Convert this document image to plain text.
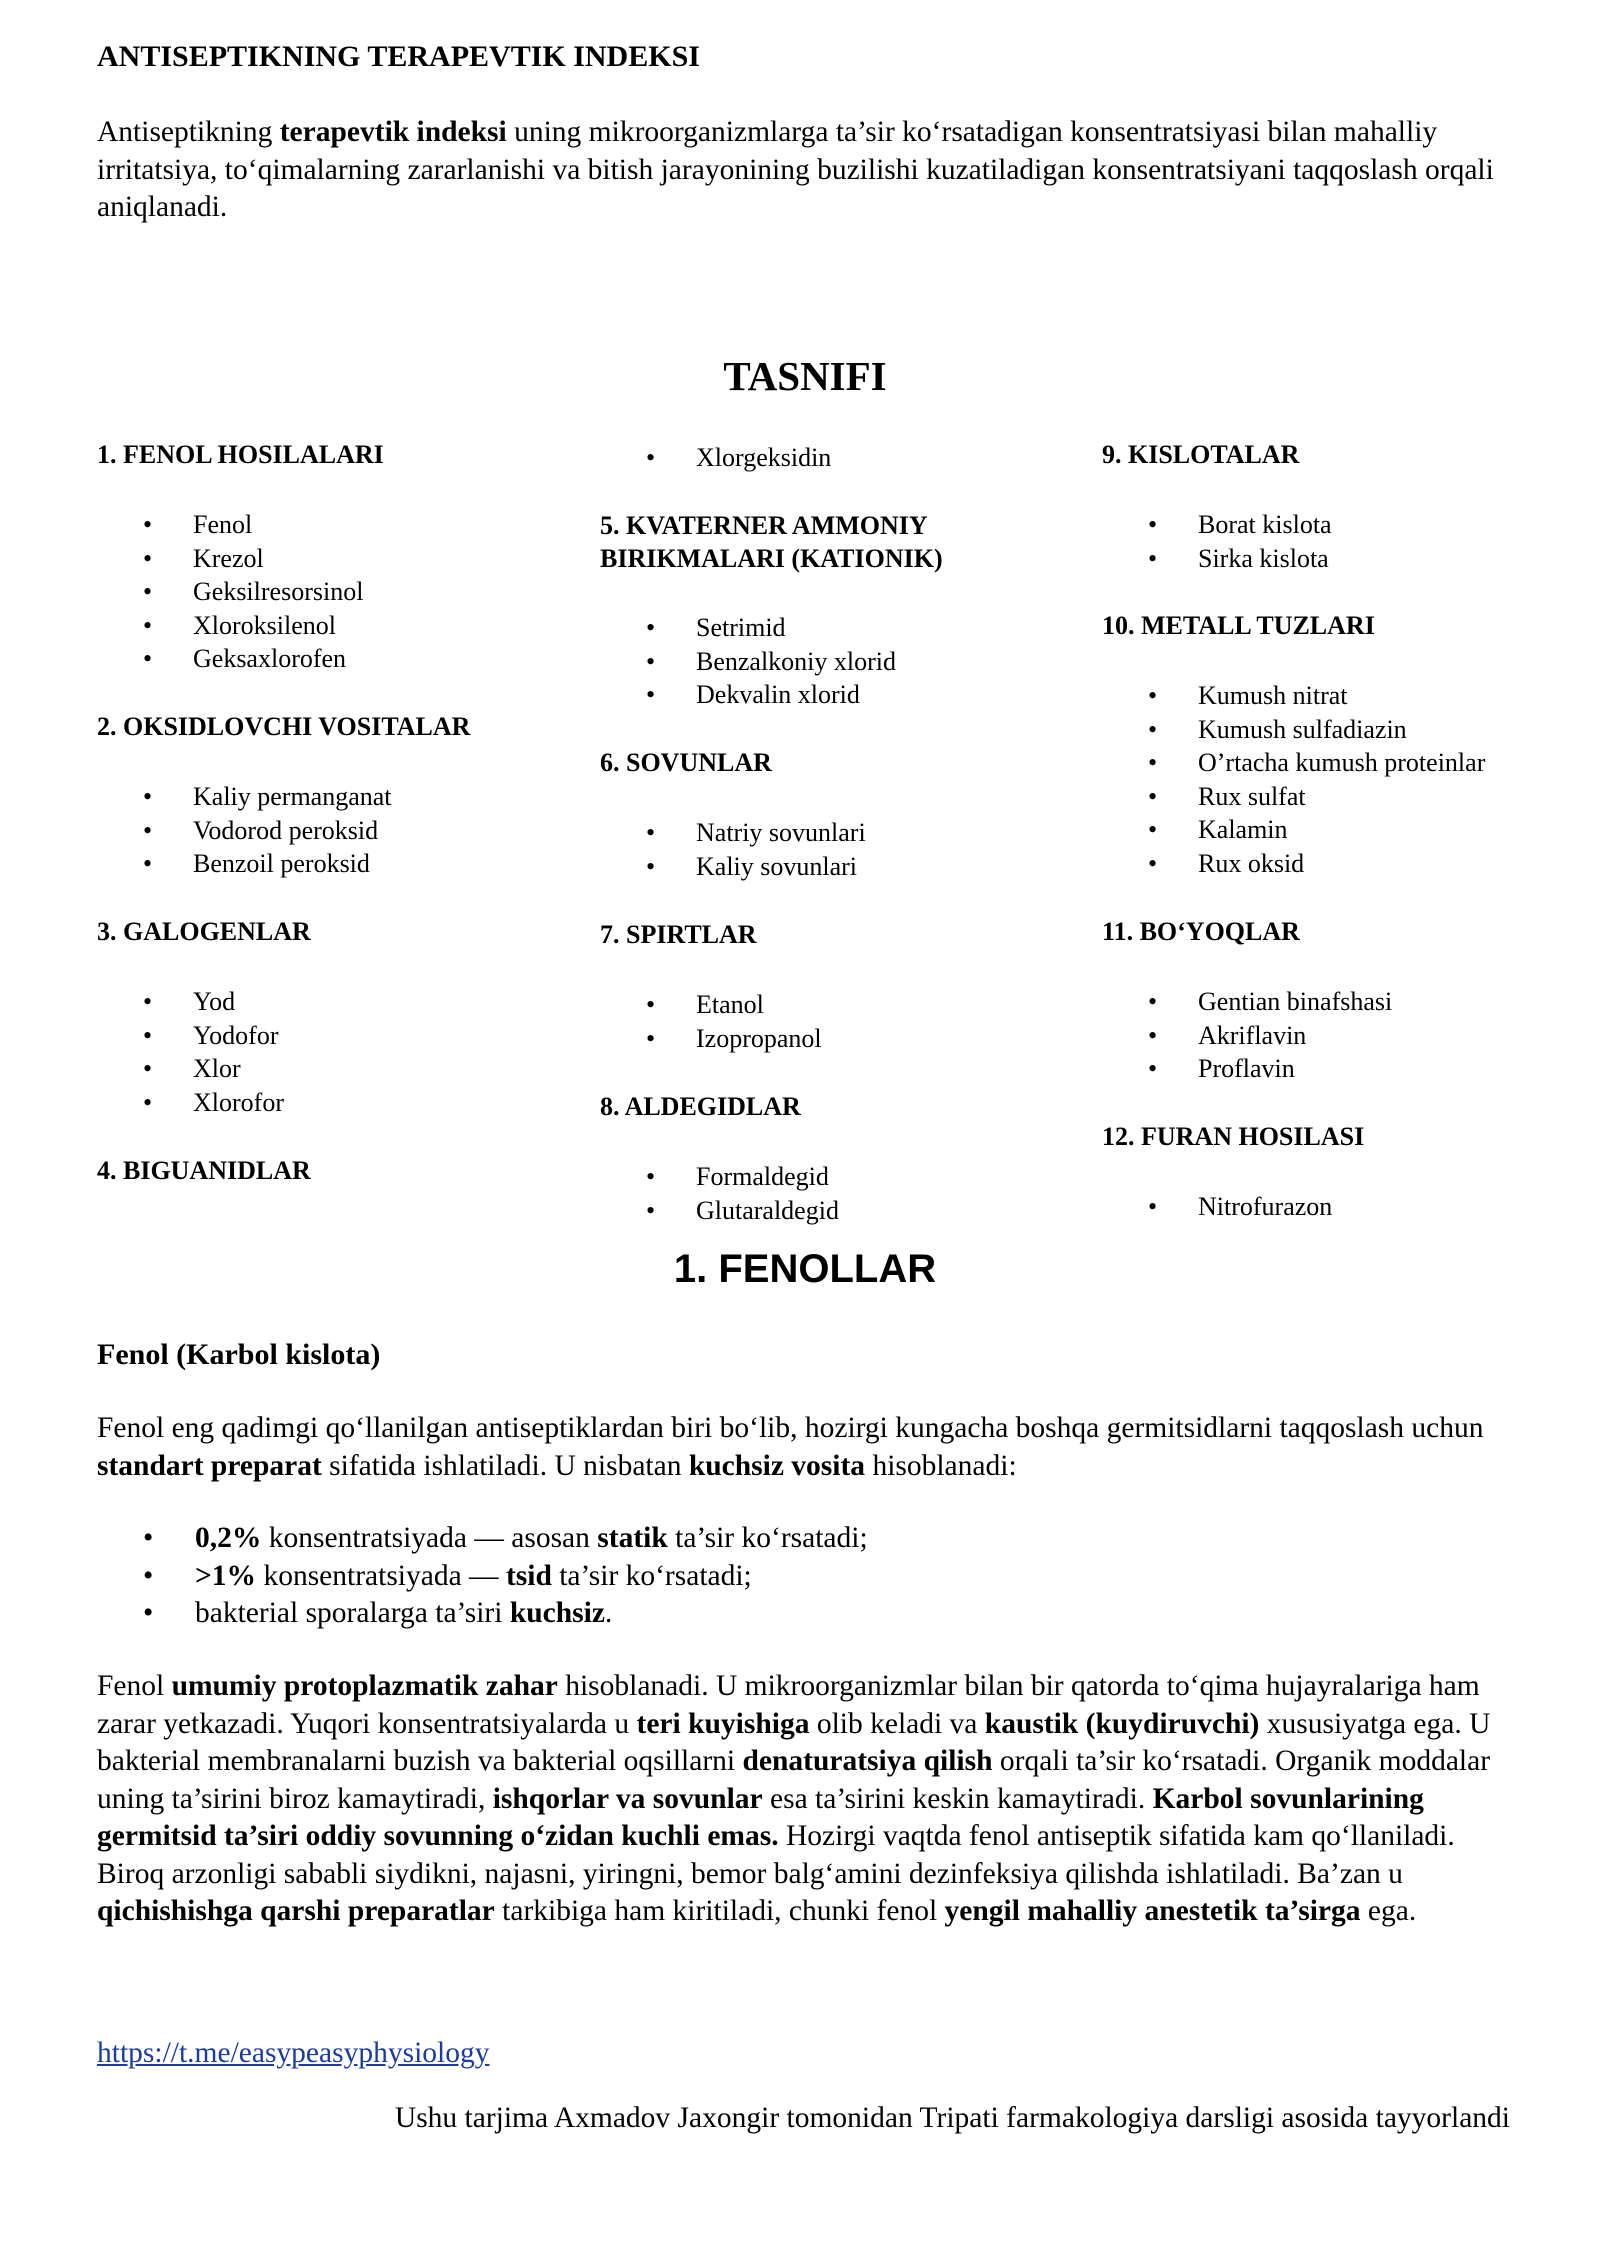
ANTISEPTIKNING TERAPEVTIK INDEKSI
Antiseptikning terapevtik indeksi uning mikroorganizmlarga ta’sir ko‘rsatadigan konsentratsiyasi bilan mahalliy irritatsiya, to‘qimalarning zararlanishi va bitish jarayonining buzilishi kuzatiladigan konsentratsiyani taqqoslash orqali aniqlanadi.
TASNIFI
1. FENOL HOSILALARI
• Fenol
• Krezol
• Geksilresorsinol
• Xloroksilenol
• Geksaxlorofen
2. OKSIDLOVCHI VOSITALAR
• Kaliy permanganat
• Vodorod peroksid
• Benzoil peroksid
3. GALOGENLAR
• Yod
• Yodofor
• Xlor
• Xlorofor
4. BIGUANIDLAR
• Xlorgeksidin
5. KVATERNER AMMONIY
BIRIKMALARI (KATIONIK)
• Setrimid
• Benzalkoniy xlorid
• Dekvalin xlorid
6. SOVUNLAR
• Natriy sovunlari
• Kaliy sovunlari
7. SPIRTLAR
• Etanol
• Izopropanol
8. ALDEGIDLAR
• Formaldegid
• Glutaraldegid
9. KISLOTALAR
• Borat kislota
• Sirka kislota
10. METALL TUZLARI
• Kumush nitrat
• Kumush sulfadiazin
• O’rtacha kumush proteinlar
• Rux sulfat
• Kalamin
• Rux oksid
11. BO‘YOQLAR
• Gentian binafshasi
• Akriflavin
• Proflavin
12. FURAN HOSILASI
• Nitrofurazon
1. FENOLLAR
Fenol (Karbol kislota)
Fenol eng qadimgi qo‘llanilgan antiseptiklardan biri bo‘lib, hozirgi kungacha boshqa germitsidlarni taqqoslash uchun standart preparat sifatida ishlatiladi. U nisbatan kuchsiz vosita hisoblanadi:
• 0,2% konsentratsiyada — asosan statik ta’sir ko‘rsatadi;
• >1% konsentratsiyada — tsid ta’sir ko‘rsatadi;
• bakterial sporalarga ta’siri kuchsiz.
Fenol umumiy protoplazmatik zahar hisoblanadi. U mikroorganizmlar bilan bir qatorda to‘qima hujayralariga ham zarar yetkazadi. Yuqori konsentratsiyalarda u teri kuyishiga olib keladi va kaustik (kuydiruvchi) xususiyatga ega. U bakterial membranalarni buzish va bakterial oqsillarni denaturatsiya qilish orqali ta’sir ko‘rsatadi. Organik moddalar uning ta’sirini biroz kamaytiradi, ishqorlar va sovunlar esa ta’sirini keskin kamaytiradi. Karbol sovunlarining germitsid ta’siri oddiy sovunning o‘zidan kuchli emas. Hozirgi vaqtda fenol antiseptik sifatida kam qo‘llaniladi. Biroq arzonligi sababli siydikni, najasni, yiringni, bemor balg‘amini dezinfeksiya qilishda ishlatiladi. Ba’zan u qichishishga qarshi preparatlar tarkibiga ham kiritiladi, chunki fenol yengil mahalliy anestetik ta’sirga ega.
https://t.me/easypeasyphysiology
Ushu tarjima Axmadov Jaxongir tomonidan Tripati farmakologiya darsligi asosida tayyorlandi
